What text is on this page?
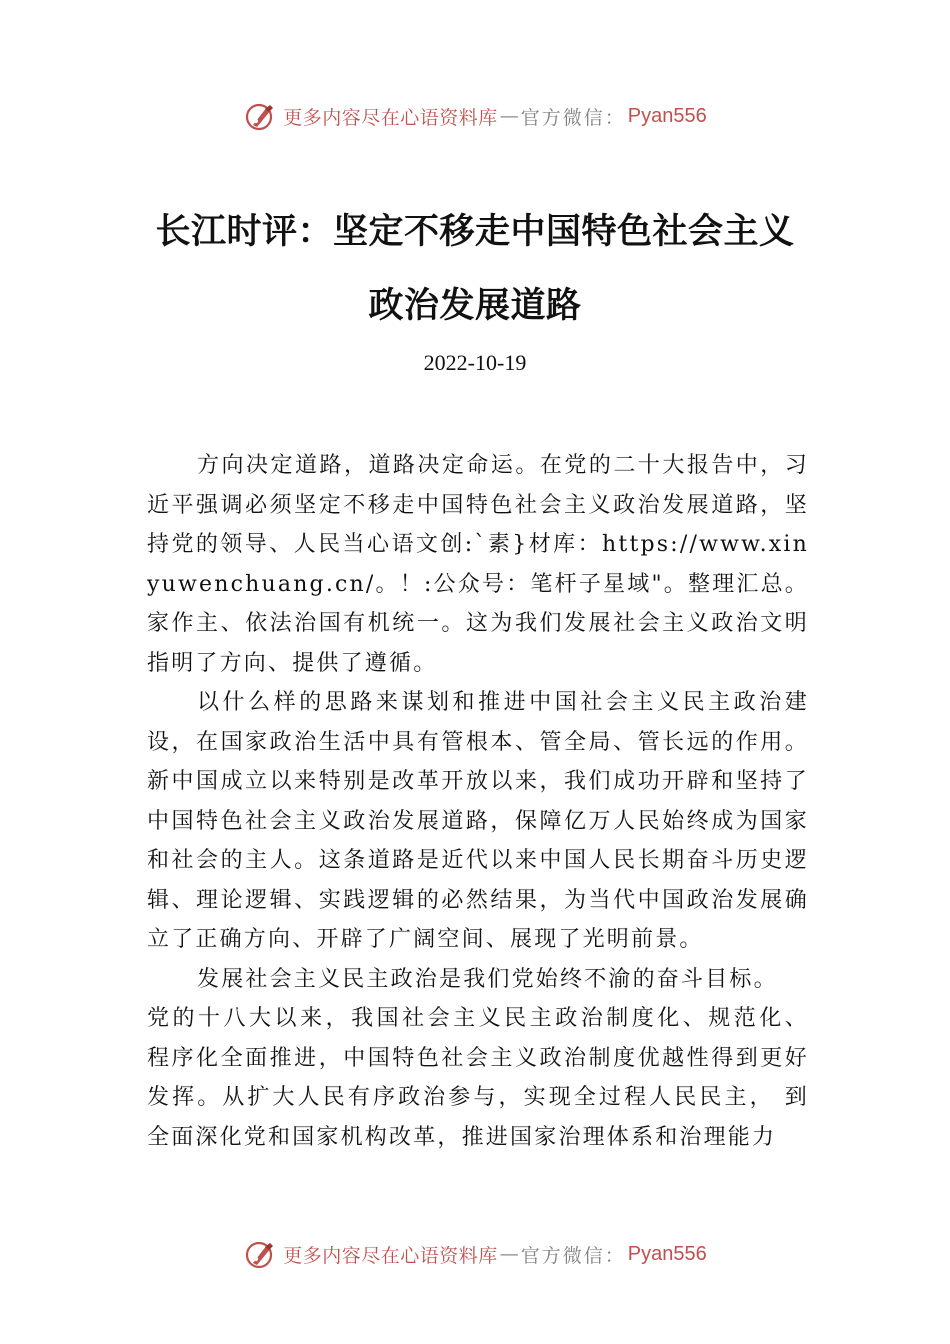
更多内容尽在心语资料库 — 官方微信： Pyan556
长江时评：坚定不移走中国特色社会主义
政治发展道路
2022-10-19

方向决定道路，道路决定命运。在党的二十大报告中，习近平强调必须坚定不移走中国特色社会主义政治发展道路，坚持党的领导、人民当心语文创:`素}材库：https://www.xinyuwenchuang.cn/。！:公众号：笔杆子星域"。整理汇总。家作主、依法治国有机统一。这为我们发展社会主义政治文明指明了方向、提供了遵循。

以什么样的思路来谋划和推进中国社会主义民主政治建设，在国家政治生活中具有管根本、管全局、管长远的作用。新中国成立以来特别是改革开放以来，我们成功开辟和坚持了中国特色社会主义政治发展道路，保障亿万人民始终成为国家和社会的主人。这条道路是近代以来中国人民长期奋斗历史逻辑、理论逻辑、实践逻辑的必然结果，为当代中国政治发展确立了正确方向、开辟了广阔空间、展现了光明前景。

发展社会主义民主政治是我们党始终不渝的奋斗目标。

党的十八大以来，我国社会主义民主政治制度化、规范化、 程序化全面推进，中国特色社会主义政治制度优越性得到更好发挥。从扩大人民有序政治参与，实现全过程人民民主， 到全面深化党和国家机构改革，推进国家治理体系和治理能力

更多内容尽在心语资料库 — 官方微信： Pyan556
